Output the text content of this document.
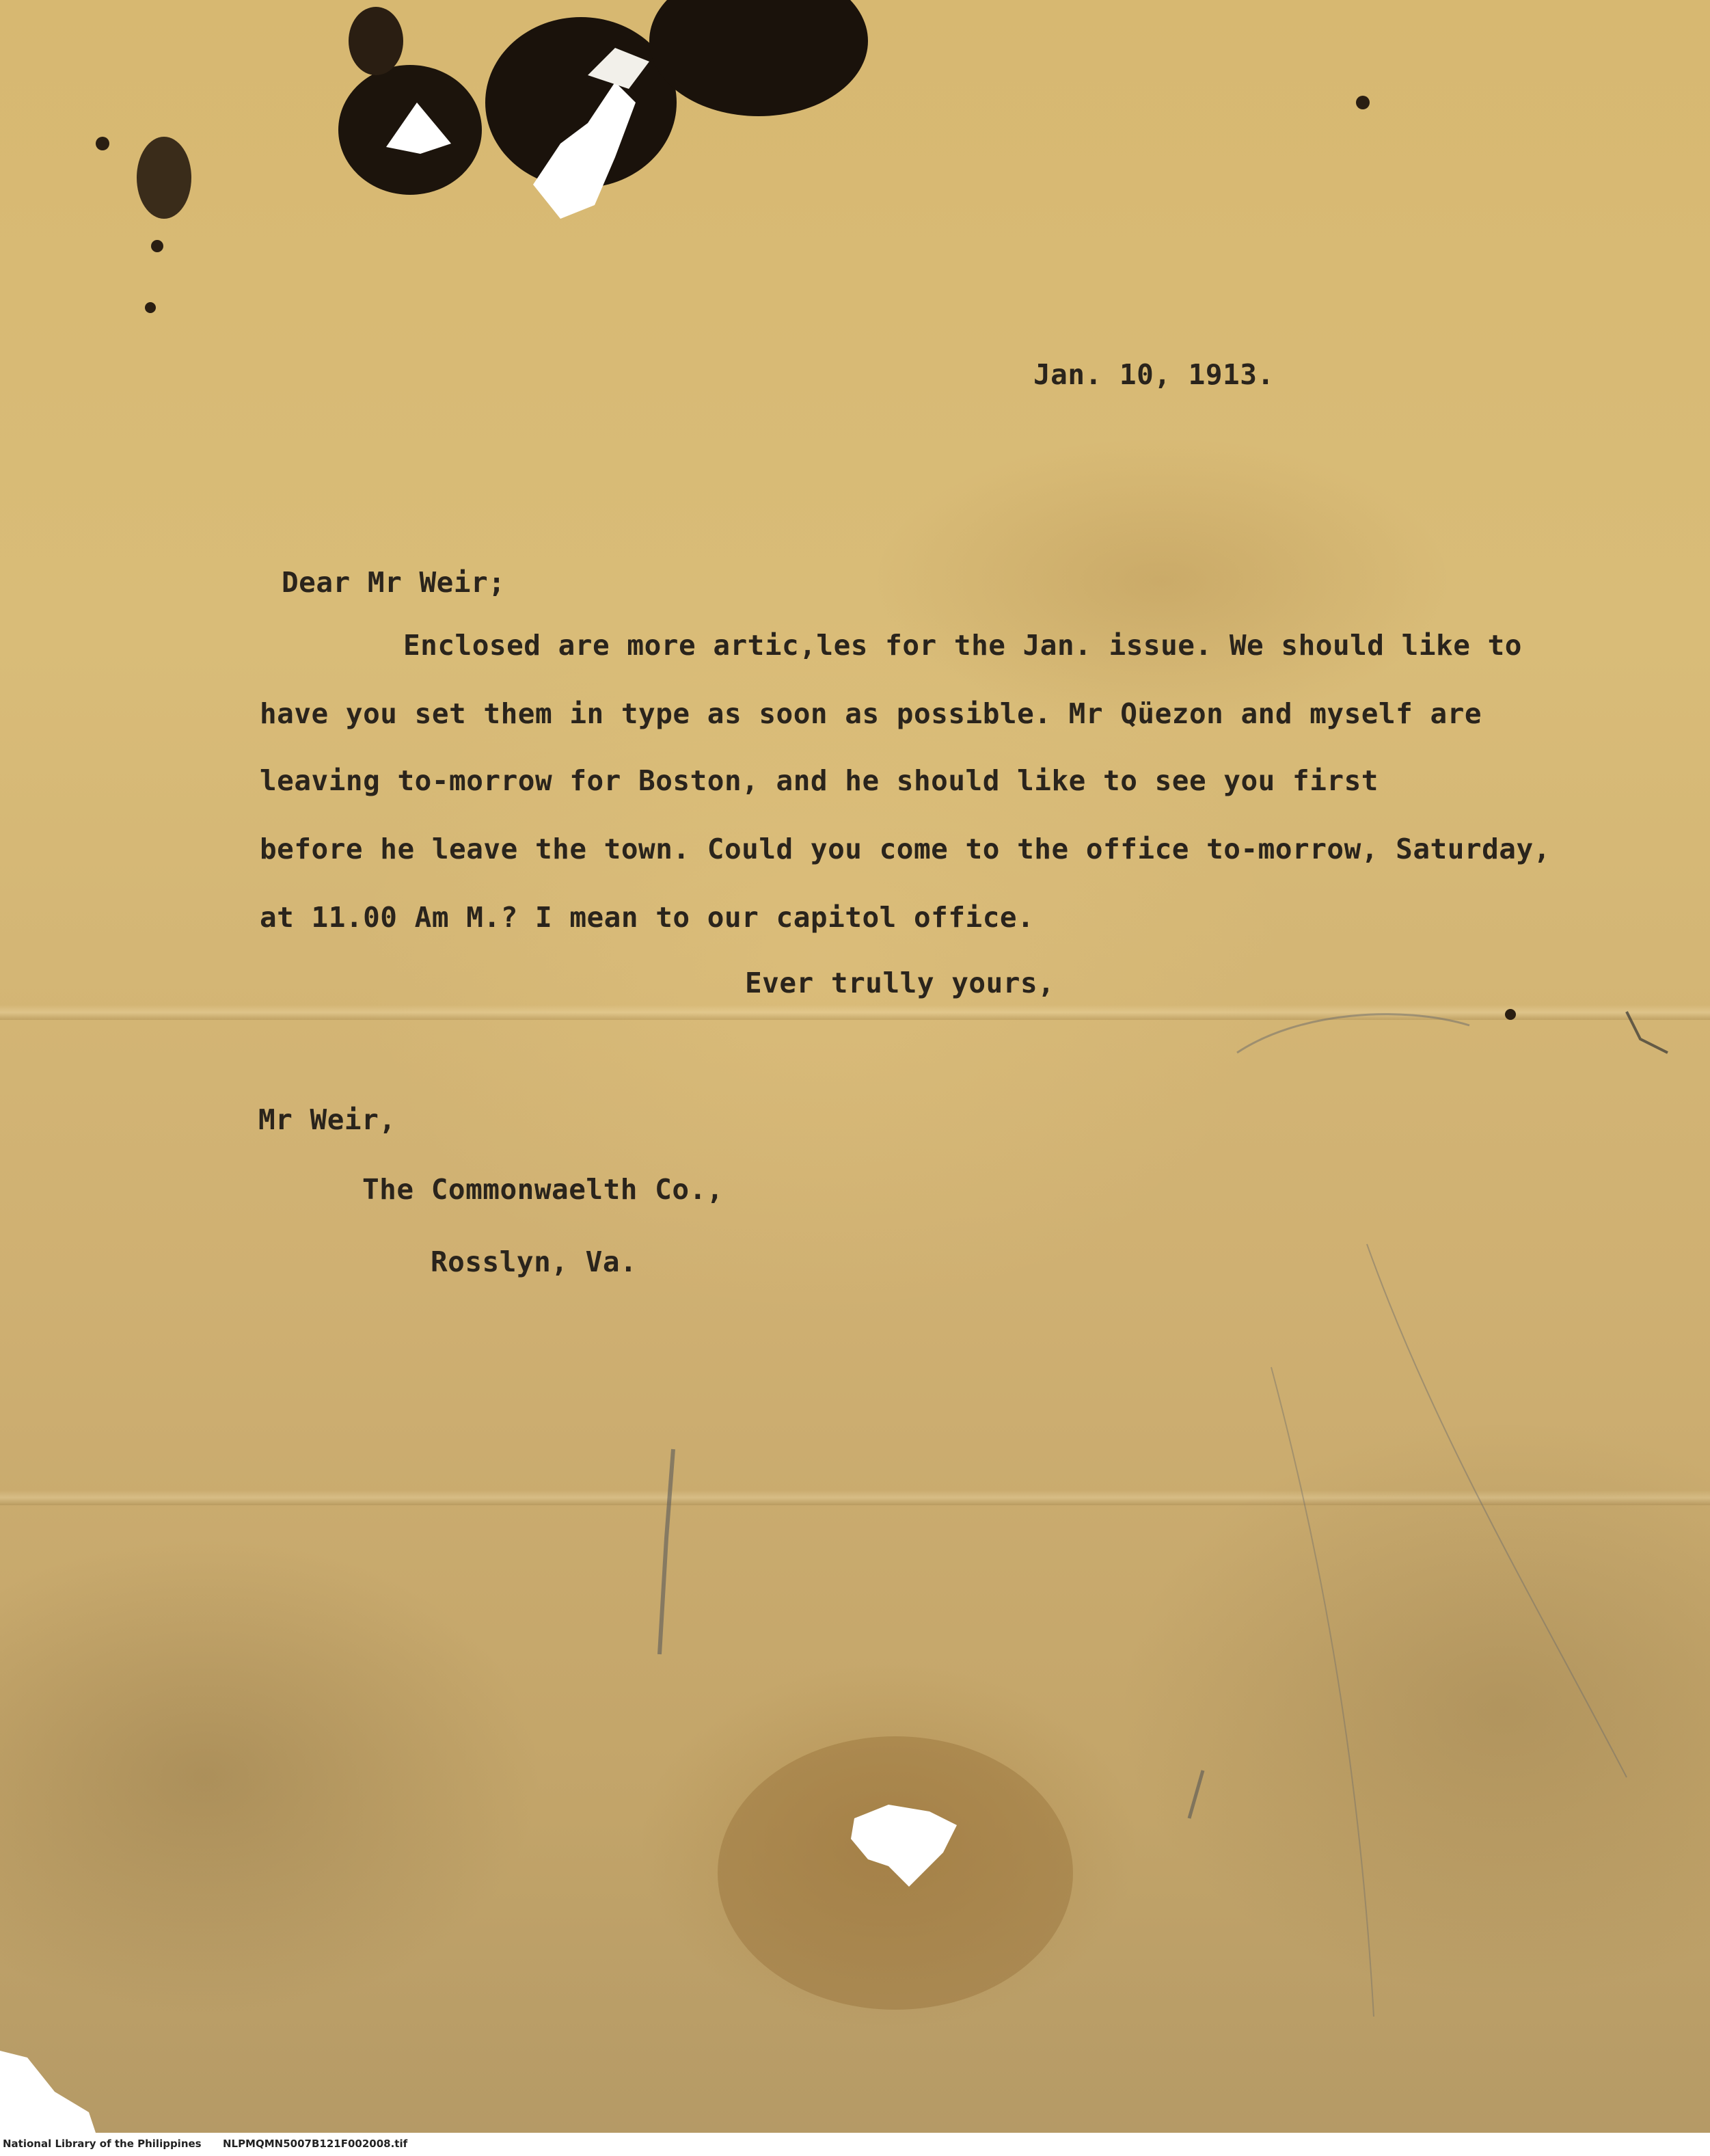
Jan. 10, 1913.
Dear Mr Weir;
Enclosed are more artic,les for the Jan. issue. We should like to
have you set them in type as soon as possible. Mr Qüezon and myself are
leaving to-morrow for Boston, and he should like to see you first
before he leave the town. Could you come to the office to-morrow, Saturday,
at 11.00 Am M.? I mean to our capitol office.
Ever trully yours,
Mr Weir,
The Commonwaelth Co.,
Rosslyn, Va.
National Library of the Philippines NLPMQMN5007B121F002008.tif
